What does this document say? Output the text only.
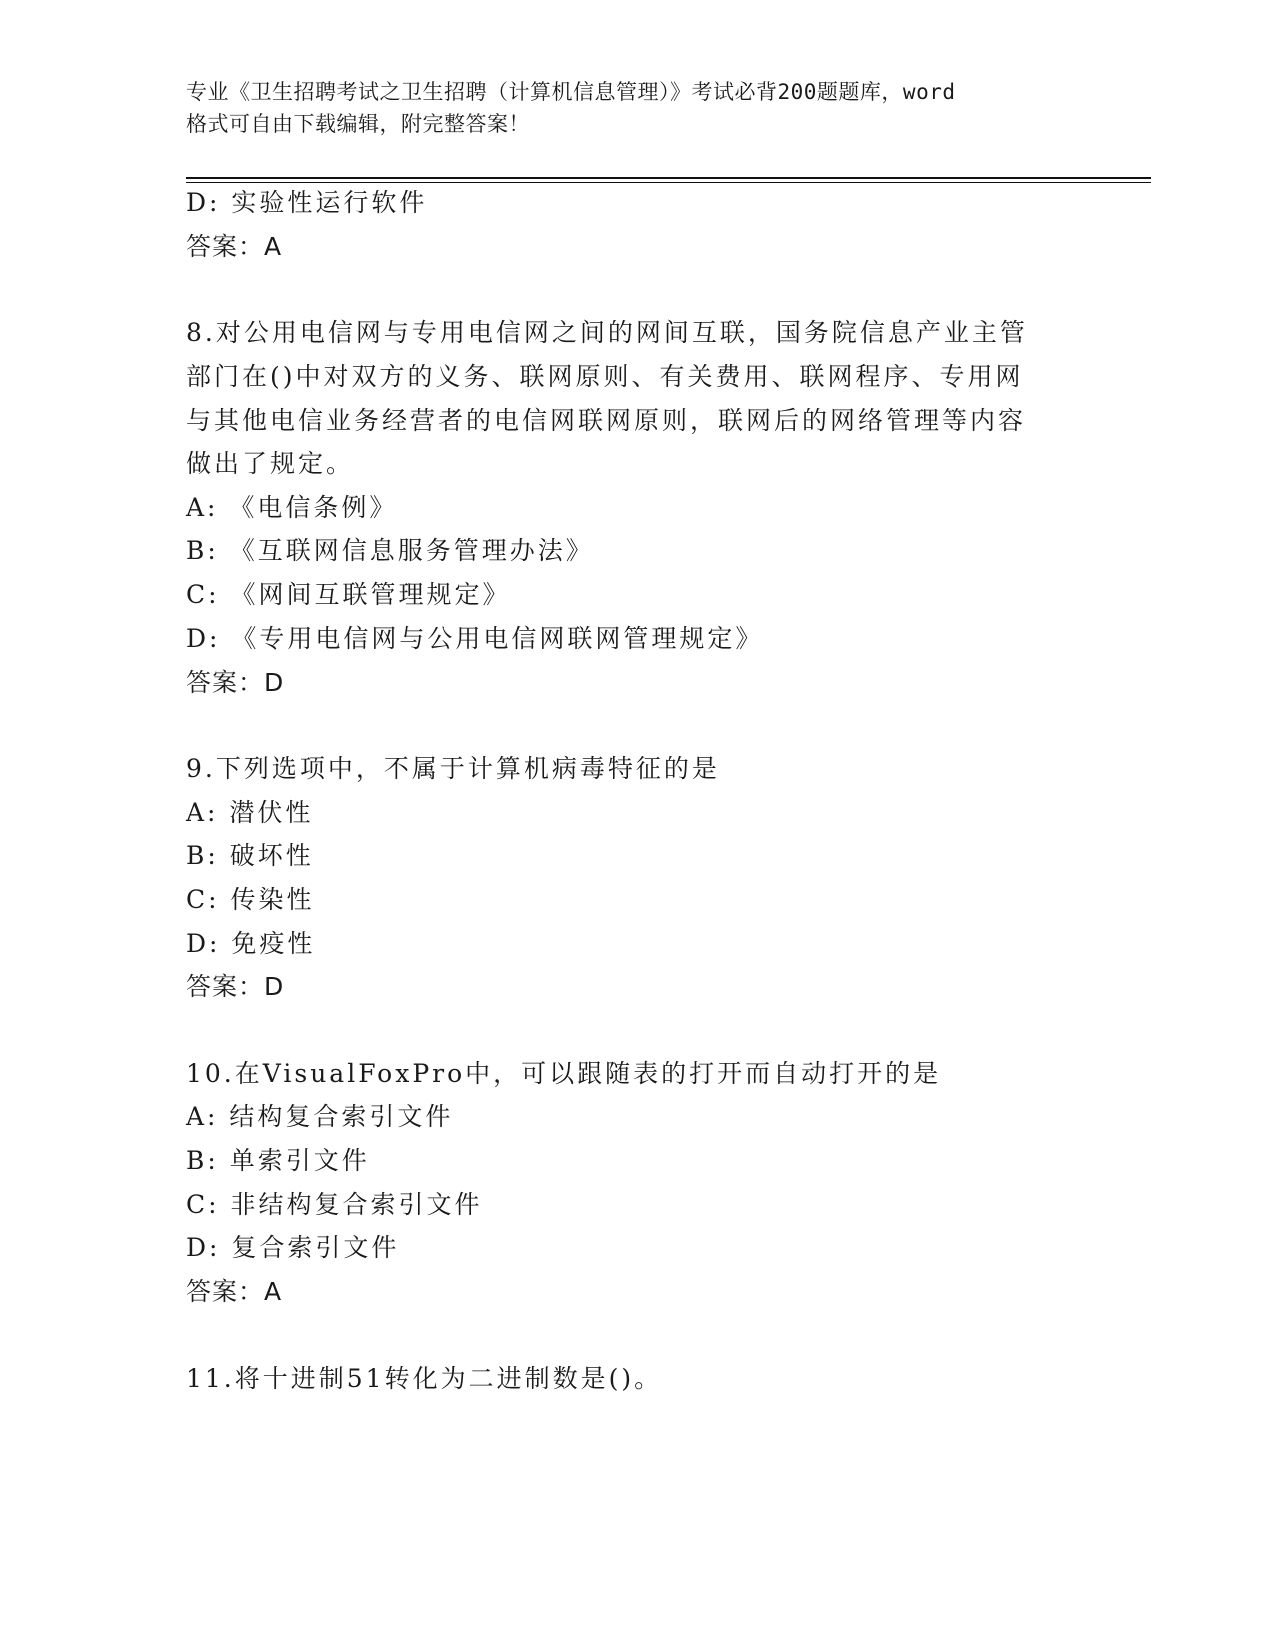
专业《卫生招聘考试之卫生招聘（计算机信息管理）》考试必背200题题库，word
格式可自由下载编辑，附完整答案！
D: 实验性运行软件
答案：A
8.对公用电信网与专用电信网之间的网间互联，国务院信息产业主管
部门在()中对双方的义务、联网原则、有关费用、联网程序、专用网
与其他电信业务经营者的电信网联网原则，联网后的网络管理等内容
做出了规定。
A: 《电信条例》
B: 《互联网信息服务管理办法》
C: 《网间互联管理规定》
D: 《专用电信网与公用电信网联网管理规定》
答案：D
9.下列选项中，不属于计算机病毒特征的是
A: 潜伏性
B: 破坏性
C: 传染性
D: 免疫性
答案：D
10.在VisualFoxPro中，可以跟随表的打开而自动打开的是
A: 结构复合索引文件
B: 单索引文件
C: 非结构复合索引文件
D: 复合索引文件
答案：A
11.将十进制51转化为二进制数是()。
